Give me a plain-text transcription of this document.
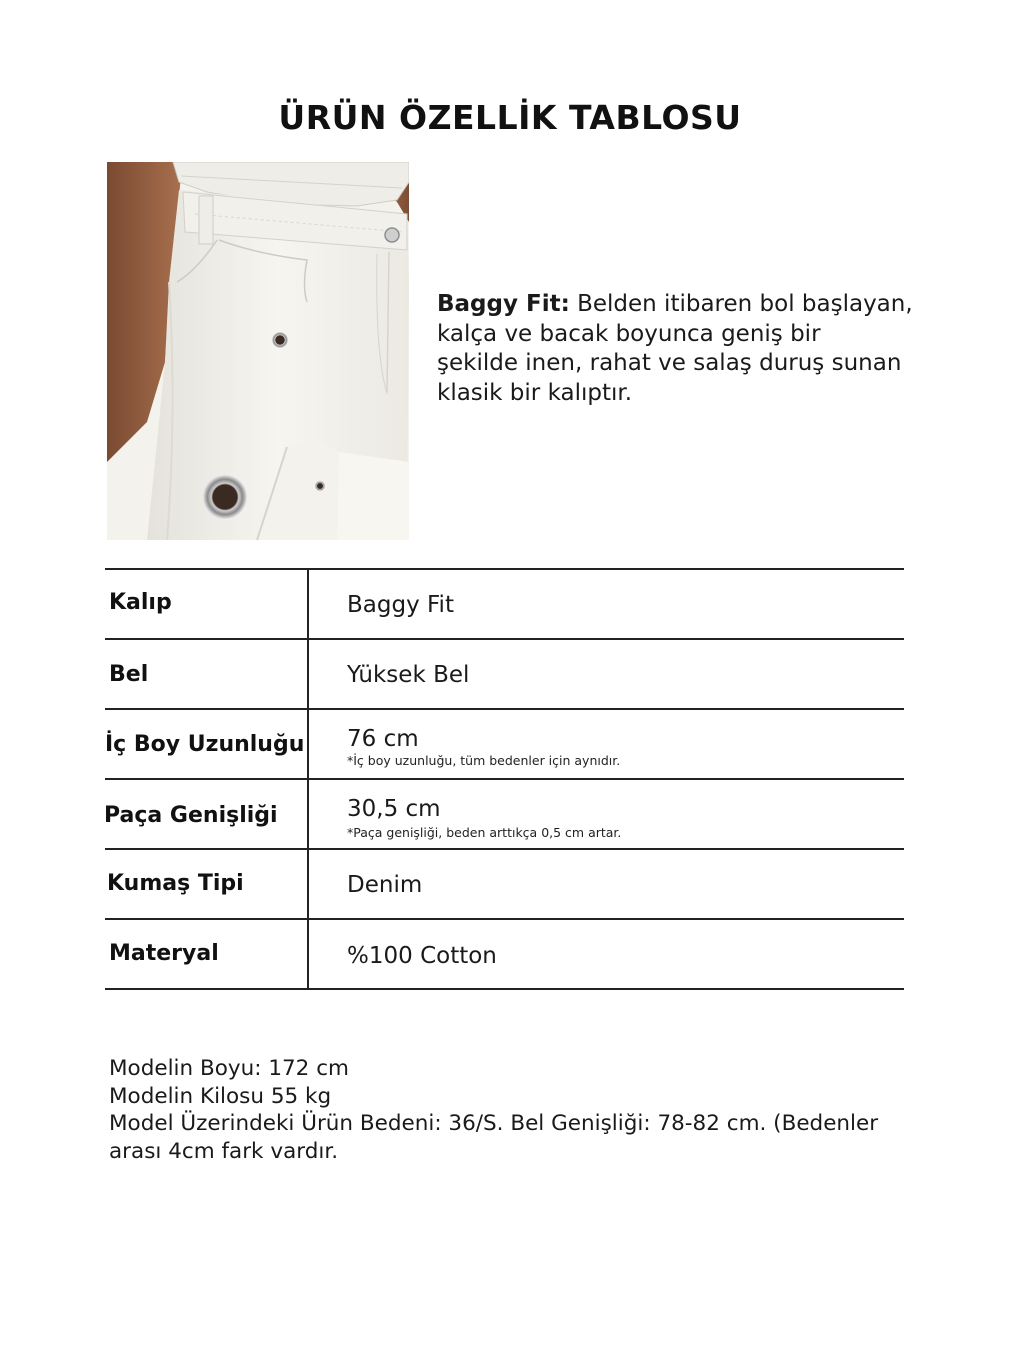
ÜRÜN ÖZELLİK TABLOSU
Baggy Fit: Belden itibaren bol başlayan,
kalça ve bacak boyunca geniş bir
şekilde inen, rahat ve salaş duruş sunan
klasik bir kalıptır.
Kalıp	Baggy Fit
Bel	Yüksek Bel
İç Boy Uzunluğu 76 cm
*İç boy uzunluğu, tüm bedenler için aynıdır.
Paça Genişliği	30,5 cm
*Paça genişliği, beden arttıkça 0,5 cm artar.
Kumaş Tipi	Denim
Materyal	%100 Cotton
Modelin Boyu: 172 cm
Modelin Kilosu 55 kg
Model Üzerindeki Ürün Bedeni: 36/S. Bel Genişliği: 78-82 cm. (Bedenler
arası 4cm fark vardır.
